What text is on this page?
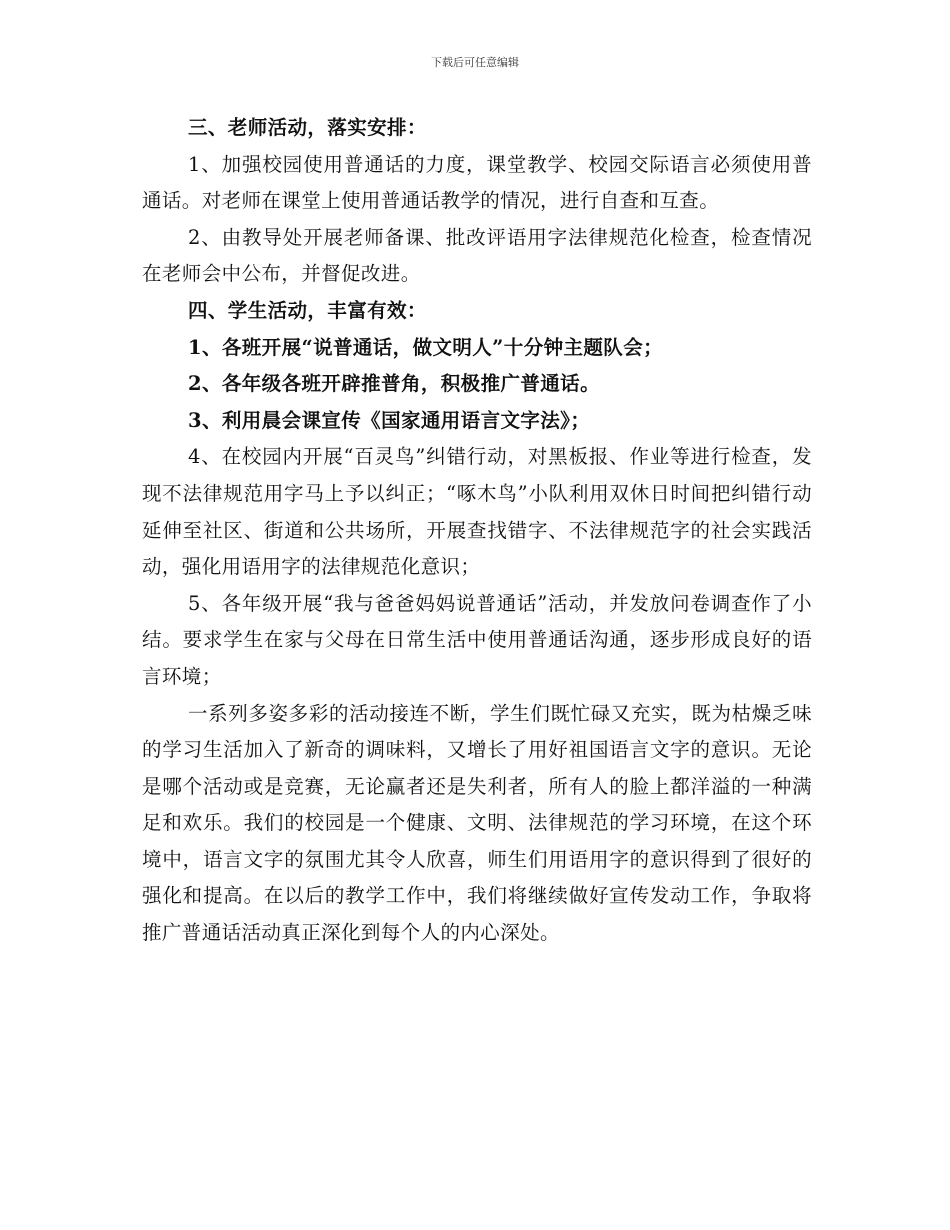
下载后可任意编辑

三、老师活动，落实安排：

1、加强校园使用普通话的力度，课堂教学、校园交际语言必须使用普通话。对老师在课堂上使用普通话教学的情况，进行自查和互查。

2、由教导处开展老师备课、批改评语用字法律规范化检查，检查情况在老师会中公布，并督促改进。

四、学生活动，丰富有效：

1、各班开展“说普通话，做文明人”十分钟主题队会；

2、各年级各班开辟推普角，积极推广普通话。

3、利用晨会课宣传《国家通用语言文字法》；

4、在校园内开展“百灵鸟”纠错行动，对黑板报、作业等进行检查，发现不法律规范用字马上予以纠正；“啄木鸟”小队利用双休日时间把纠错行动延伸至社区、街道和公共场所，开展查找错字、不法律规范字的社会实践活动，强化用语用字的法律规范化意识；

5、各年级开展“我与爸爸妈妈说普通话”活动，并发放问卷调查作了小结。要求学生在家与父母在日常生活中使用普通话沟通，逐步形成良好的语言环境；

一系列多姿多彩的活动接连不断，学生们既忙碌又充实，既为枯燥乏味的学习生活加入了新奇的调味料，又增长了用好祖国语言文字的意识。无论是哪个活动或是竞赛，无论赢者还是失利者，所有人的脸上都洋溢的一种满足和欢乐。我们的校园是一个健康、文明、法律规范的学习环境，在这个环境中，语言文字的氛围尤其令人欣喜，师生们用语用字的意识得到了很好的强化和提高。在以后的教学工作中，我们将继续做好宣传发动工作，争取将推广普通话活动真正深化到每个人的内心深处。
